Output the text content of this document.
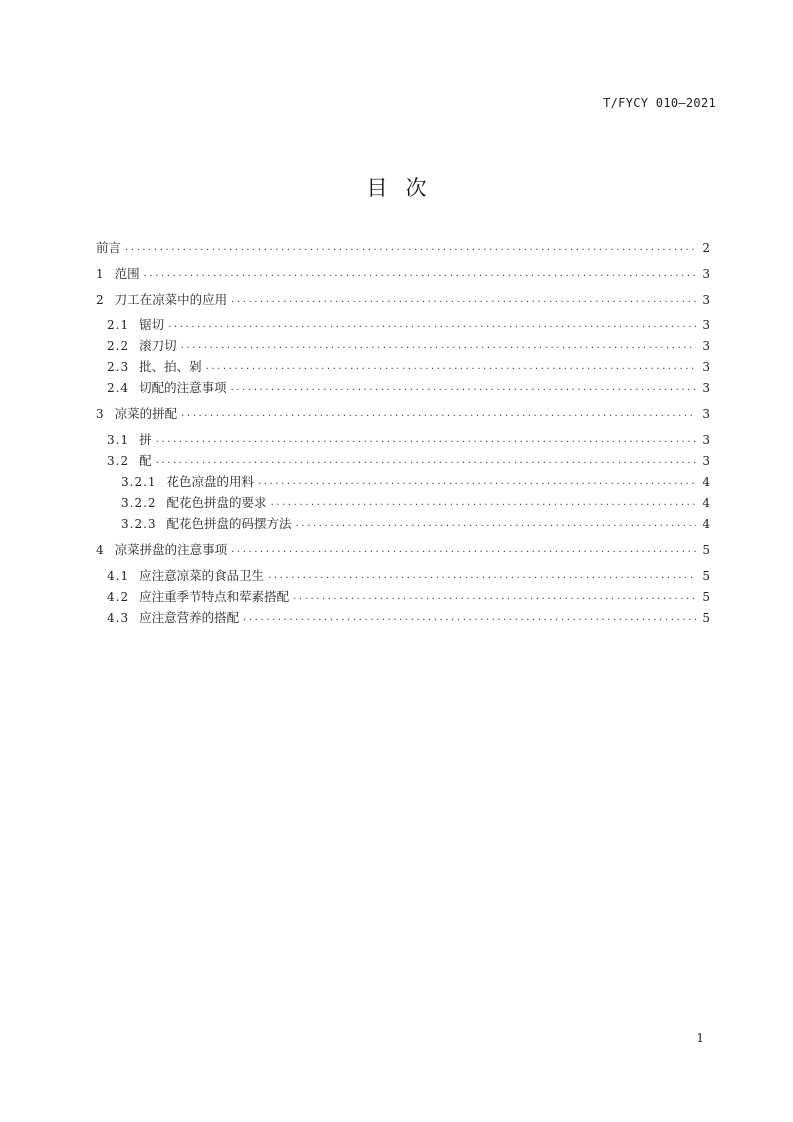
T/FYCY 010—2021
目 次
前言 .....	2
1 范围 .....	3
2 刀工在凉菜中的应用 .....	3
2.1 锯切 .....	3
2.2 滚刀切 .....	3
2.3 批、拍、剁 .....	3
2.4 切配的注意事项 .....	3
3 凉菜的拼配 .....	3
3.1 拼 .....	3
3.2 配 .....	3
3.2.1 花色凉盘的用料 .....	4
3.2.2 配花色拼盘的要求 .....	4
3.2.3 配花色拼盘的码摆方法 .....	4
4 凉菜拼盘的注意事项 .....	5
4.1 应注意凉菜的食品卫生 .....	5
4.2 应注重季节特点和荤素搭配 .....	5
4.3 应注意营养的搭配 .....	5
1
